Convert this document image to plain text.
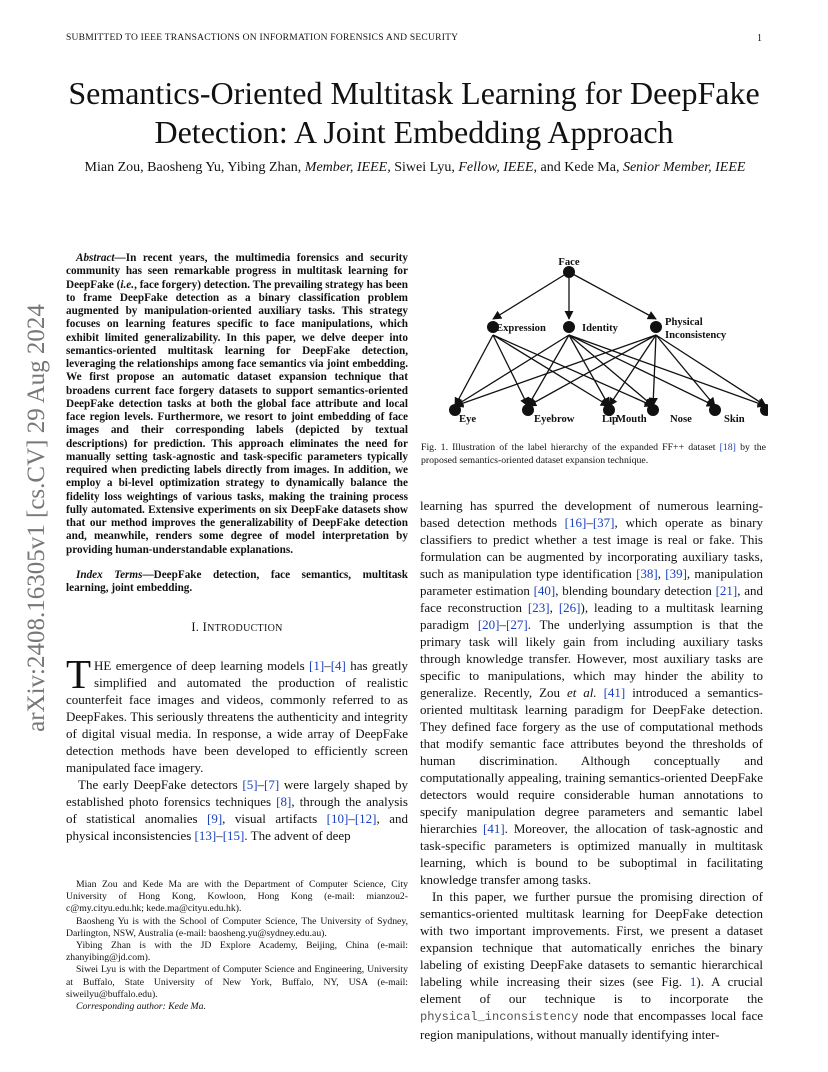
SUBMITTED TO IEEE TRANSACTIONS ON INFORMATION FORENSICS AND SECURITY	1
arXiv:2408.16305v1 [cs.CV] 29 Aug 2024
Semantics-Oriented Multitask Learning for DeepFake
Detection: A Joint Embedding Approach
Mian Zou, Baosheng Yu, Yibing Zhan, Member, IEEE, Siwei Lyu, Fellow, IEEE, and Kede Ma, Senior Member, IEEE

Abstract—In recent years, the multimedia forensics and security community has seen remarkable progress in multitask learning for DeepFake (i.e., face forgery) detection. The prevailing strategy has been to frame DeepFake detection as a binary classification problem augmented by manipulation-oriented auxiliary tasks. This strategy focuses on learning features specific to face manipulations, which exhibit limited generalizability. In this paper, we delve deeper into semantics-oriented multitask learning for DeepFake detection, leveraging the relationships among face semantics via joint embedding. We first propose an automatic dataset expansion technique that broadens current face forgery datasets to support semantics-oriented DeepFake detection tasks at both the global face attribute and local face region levels. Furthermore, we resort to joint embedding of face images and their corresponding labels (depicted by textual descriptions) for prediction. This approach eliminates the need for manually setting task-agnostic and task-specific parameters typically required when predicting labels directly from images. In addition, we employ a bi-level optimization strategy to dynamically balance the fidelity loss weightings of various tasks, making the training process fully automated. Extensive experiments on six DeepFake datasets show that our method improves the generalizability of DeepFake detection and, meanwhile, renders some degree of model interpretation by providing human-understandable explanations.

Index Terms—DeepFake detection, face semantics, multitask learning, joint embedding.

I. INTRODUCTION

THE emergence of deep learning models [1]–[4] has greatly simplified and automated the production of realistic counterfeit face images and videos, commonly referred to as DeepFakes. This seriously threatens the authenticity and integrity of digital visual media. In response, a wide array of DeepFake detection methods have been developed to efficiently screen manipulated face imagery.

The early DeepFake detectors [5]–[7] were largely shaped by established photo forensics techniques [8], through the analysis of statistical anomalies [9], visual artifacts [10]–[12], and physical inconsistencies [13]–[15]. The advent of deep

Mian Zou and Kede Ma are with the Department of Computer Science, City University of Hong Kong, Kowloon, Hong Kong (e-mail: mianzou2-c@my.cityu.edu.hk; kede.ma@cityu.edu.hk).

Baosheng Yu is with the School of Computer Science, The University of Sydney, Darlington, NSW, Australia (e-mail: baosheng.yu@sydney.edu.au).

Yibing Zhan is with the JD Explore Academy, Beijing, China (e-mail: zhanyibing@jd.com).

Siwei Lyu is with the Department of Computer Science and Engineering, University at Buffalo, State University of New York, Buffalo, NY, USA (e-mail: siweilyu@buffalo.edu).

Corresponding author: Kede Ma.

Face
Expression	Identity
Physical
Inconsistency
Eye	Eyebrow	Lip
Mouth Nose	Skin
Fig. 1. Illustration of the label hierarchy of the expanded FF++ dataset [18] by the proposed semantics-oriented dataset expansion technique.

learning has spurred the development of numerous learning-based detection methods [16]–[37], which operate as binary classifiers to predict whether a test image is real or fake. This formulation can be augmented by incorporating auxiliary tasks, such as manipulation type identification [38], [39], manipulation parameter estimation [40], blending boundary detection [21], and face reconstruction [23], [26]), leading to a multitask learning paradigm [20]–[27]. The underlying assumption is that the primary task will likely gain from including auxiliary tasks through knowledge transfer. However, most auxiliary tasks are specific to manipulations, which may hinder the ability to generalize. Recently, Zou et al. [41] introduced a semantics-oriented multitask learning paradigm for DeepFake detection. They defined face forgery as the use of computational methods that modify semantic face attributes beyond the thresholds of human discrimination. Although conceptually and computationally appealing, training semantics-oriented DeepFake detectors would require considerable human annotations to specify manipulation degree parameters and semantic label hierarchies [41]. Moreover, the allocation of task-agnostic and task-specific parameters is optimized manually in multitask learning, which is bound to be suboptimal in facilitating knowledge transfer among tasks.

In this paper, we further pursue the promising direction of semantics-oriented multitask learning for DeepFake detection with two important improvements. First, we present a dataset expansion technique that automatically enriches the binary labeling of existing DeepFake datasets to semantic hierarchical labeling while increasing their sizes (see Fig. 1). A crucial element of our technique is to incorporate the physical_inconsistency node that encompasses local face region manipulations, without manually identifying inter-
